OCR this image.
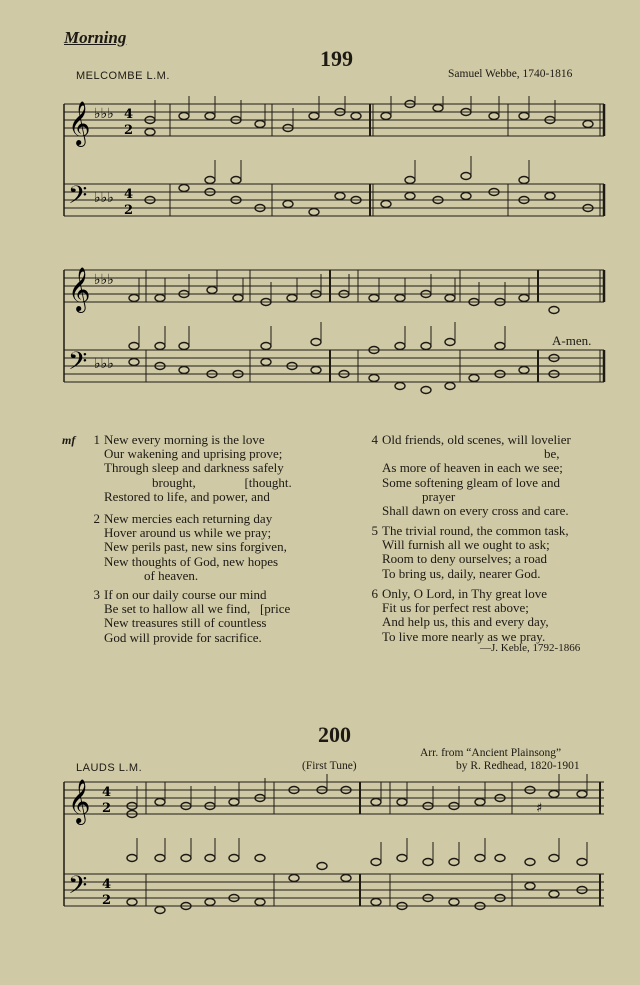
Morning
199
MELCOMBE L.M.	Samuel Webbe, 1740-1816
𝄞
𝄢
♭♭♭
♭♭♭
4
2
4
2
𝄞
𝄢
♭♭♭
♭♭♭
A-men.
mf	1 New every morning is the love
Our wakening and uprising prove;
Through sleep and darkness safely
brought,               [thought.
Restored to life, and power, and
2 New mercies each returning day
Hover around us while we pray;
New perils past, new sins forgiven,
New thoughts of God, new hopes
of heaven.
3 If on our daily course our mind
Be set to hallow all we find,   [price
New treasures still of countless
God will provide for sacrifice.
4 Old friends, old scenes, will lovelier
be,
As more of heaven in each we see;
Some softening gleam of love and
prayer
Shall dawn on every cross and care.
5 The trivial round, the common task,
Will furnish all we ought to ask;
Room to deny ourselves; a road
To bring us, daily, nearer God.
6 Only, O Lord, in Thy great love
Fit us for perfect rest above;
And help us, this and every day,
To live more nearly as we pray.
—J. Keble, 1792-1866
200
Arr. from “Ancient Plainsong”
LAUDS L.M.	(First Tune)	by R. Redhead, 1820-1901
𝄞
𝄢
4
2
4
2
♯
